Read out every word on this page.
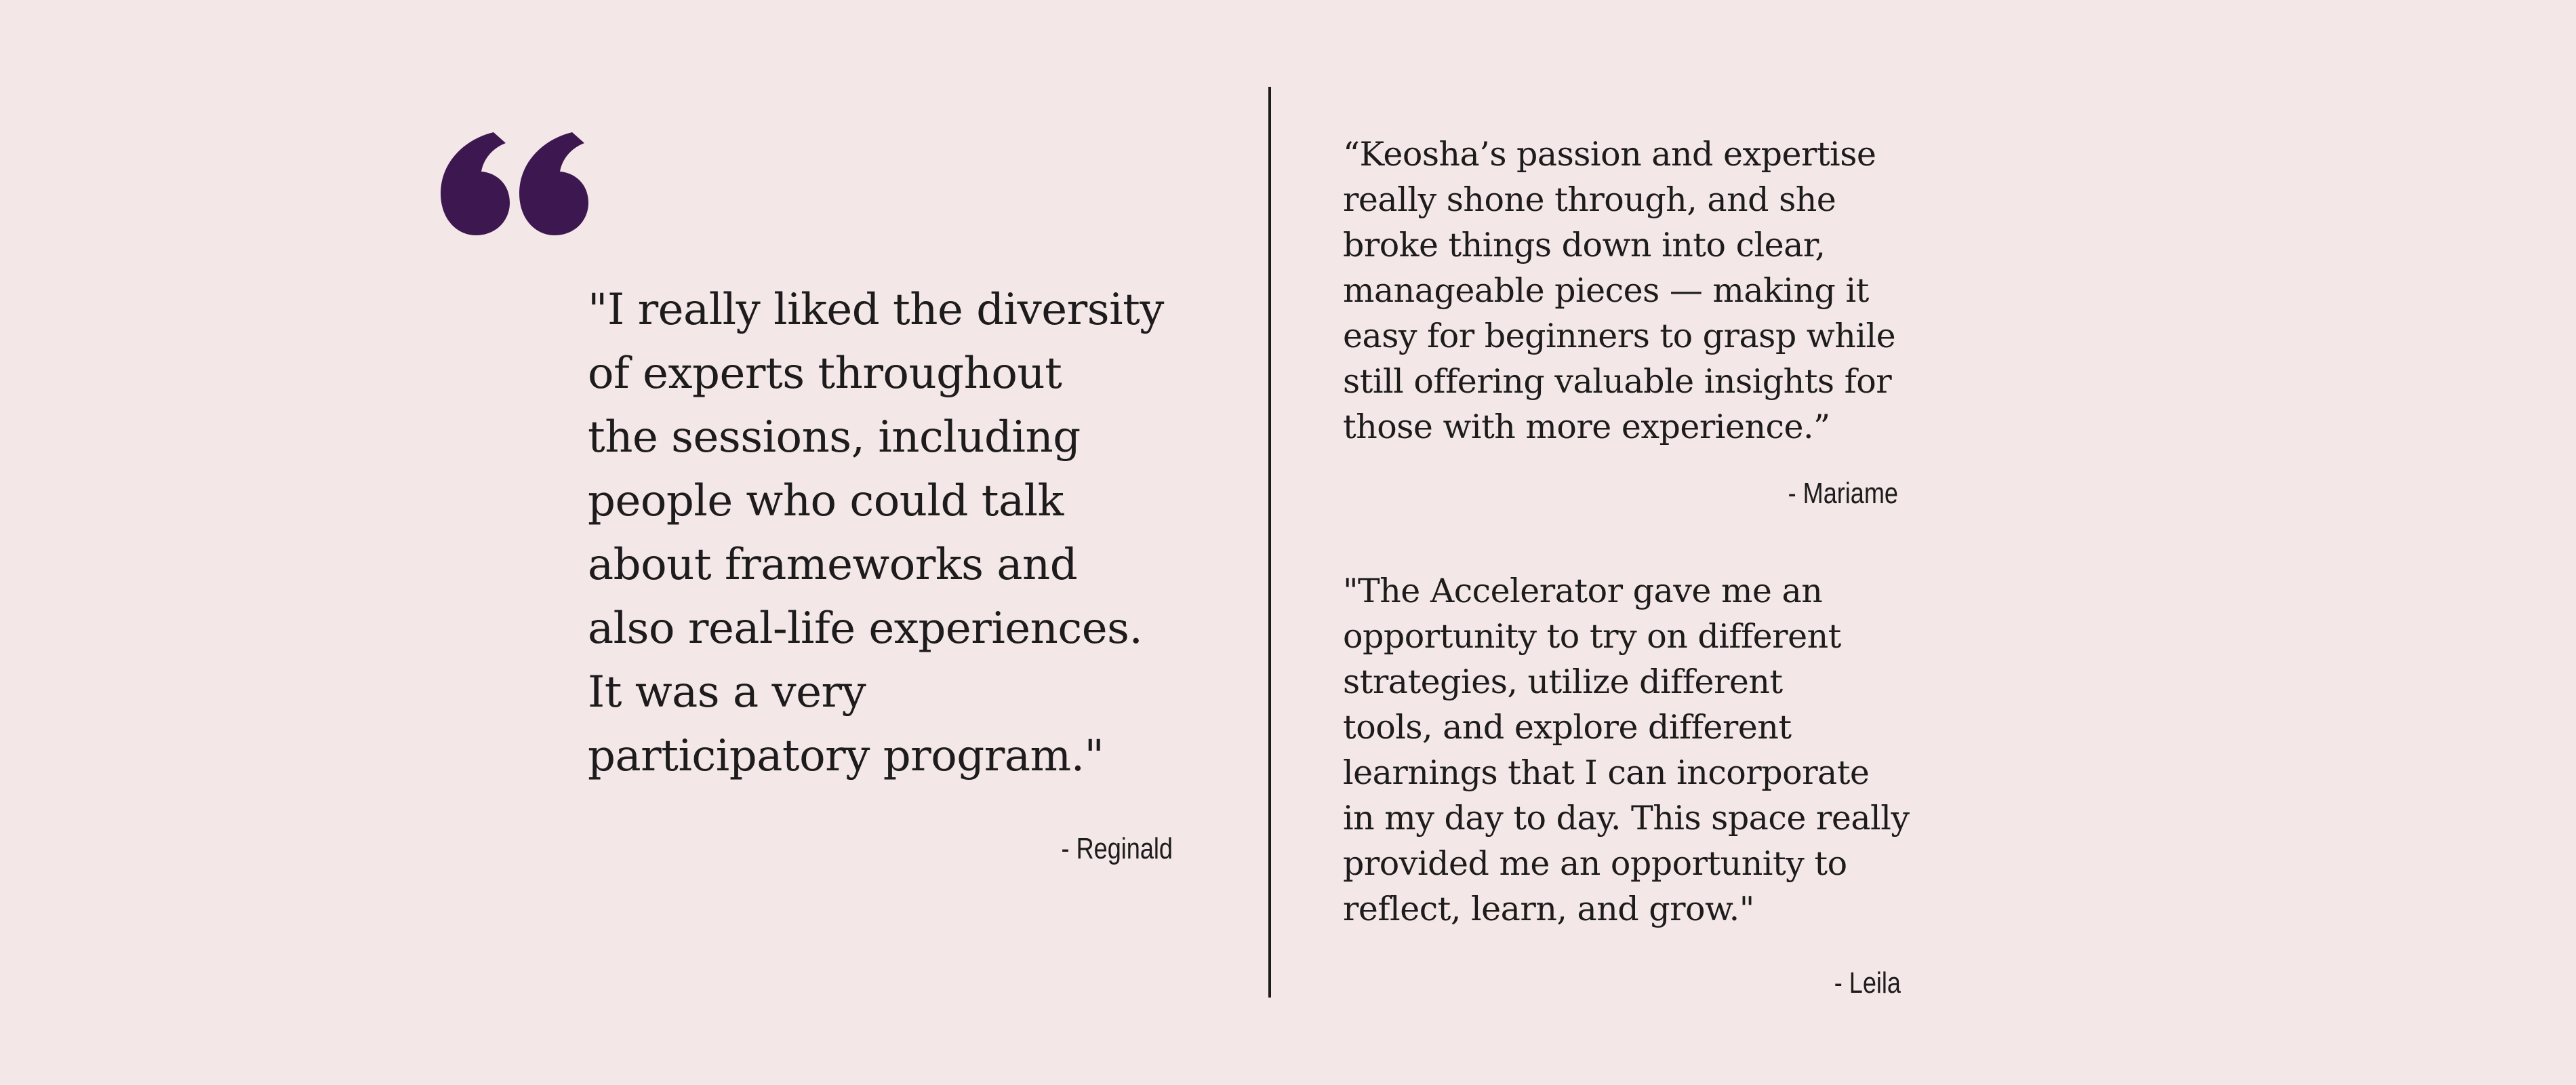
"I really liked the diversity
of experts throughout
the sessions, including
people who could talk
about frameworks and
also real-life experiences.
It was a very
participatory program."

- Reginald

“Keosha’s passion and expertise
really shone through, and she
broke things down into clear,
manageable pieces — making it
easy for beginners to grasp while
still offering valuable insights for
those with more experience.”

- Mariame

"The Accelerator gave me an
opportunity to try on different
strategies, utilize different
tools, and explore different
learnings that I can incorporate
in my day to day. This space really
provided me an opportunity to
reflect, learn, and grow."

- Leila
